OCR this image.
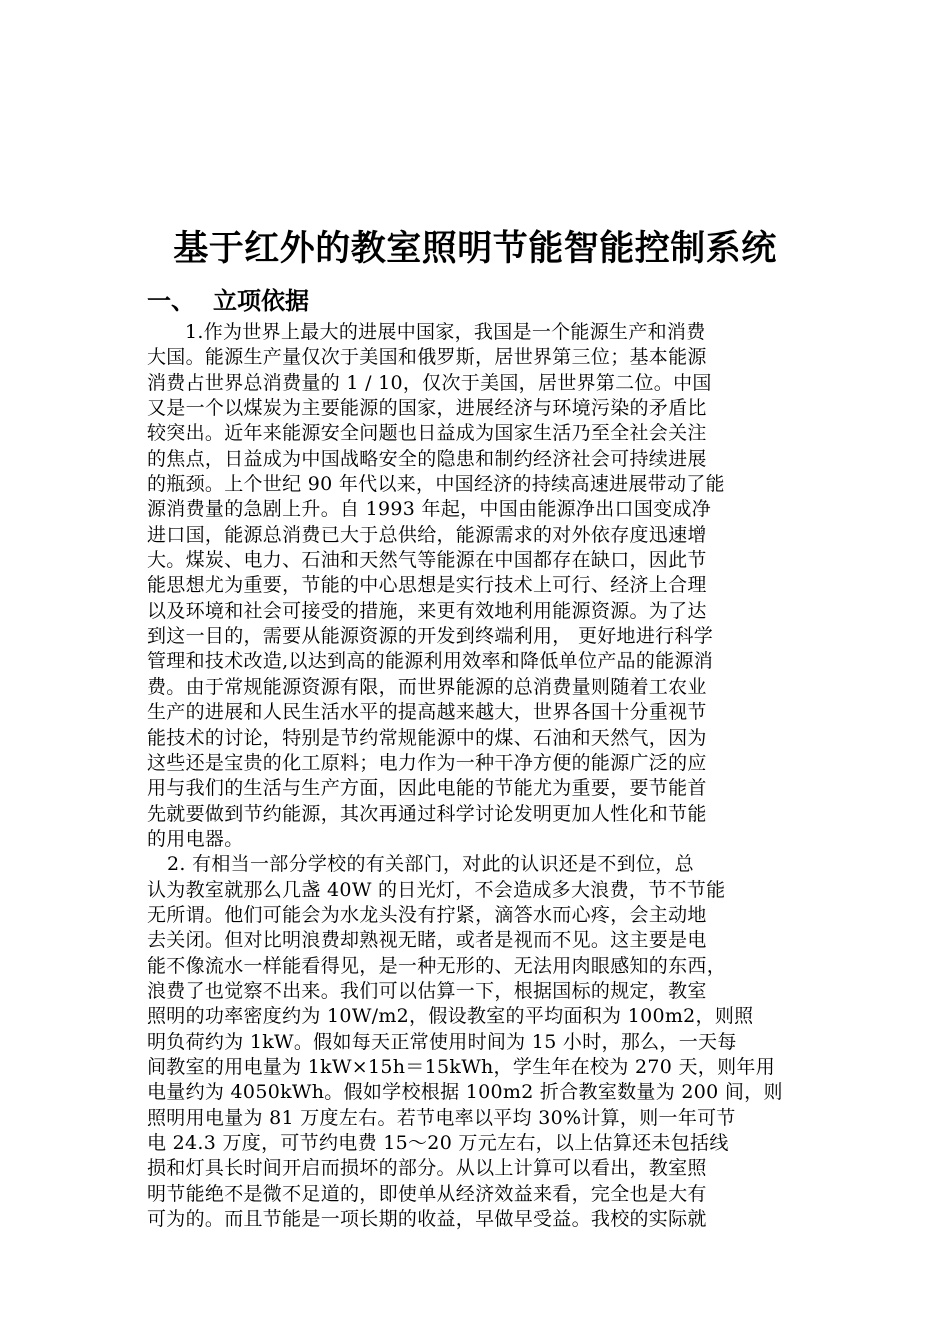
基于红外的教室照明节能智能控制系统
一、 立项依据
1.作为世界上最大的进展中国家，我国是一个能源生产和消费
大国。能源生产量仅次于美国和俄罗斯，居世界第三位；基本能源
消费占世界总消费量的 1 / 10，仅次于美国，居世界第二位。中国
又是一个以煤炭为主要能源的国家，进展经济与环境污染的矛盾比
较突出。近年来能源安全问题也日益成为国家生活乃至全社会关注
的焦点，日益成为中国战略安全的隐患和制约经济社会可持续进展
的瓶颈。上个世纪 90 年代以来，中国经济的持续高速进展带动了能
源消费量的急剧上升。自 1993 年起，中国由能源净出口国变成净
进口国，能源总消费已大于总供给，能源需求的对外依存度迅速增
大。煤炭、电力、石油和天然气等能源在中国都存在缺口，因此节
能思想尤为重要，节能的中心思想是实行技术上可行、经济上合理
以及环境和社会可接受的措施，来更有效地利用能源资源。为了达
到这一目的，需要从能源资源的开发到终端利用， 更好地进行科学
管理和技术改造,以达到高的能源利用效率和降低单位产品的能源消
费。由于常规能源资源有限，而世界能源的总消费量则随着工农业
生产的进展和人民生活水平的提高越来越大，世界各国十分重视节
能技术的讨论，特别是节约常规能源中的煤、石油和天然气，因为
这些还是宝贵的化工原料；电力作为一种干净方便的能源广泛的应
用与我们的生活与生产方面，因此电能的节能尤为重要，要节能首
先就要做到节约能源，其次再通过科学讨论发明更加人性化和节能
的用电器。
2. 有相当一部分学校的有关部门，对此的认识还是不到位，总
认为教室就那么几盏 40W 的日光灯，不会造成多大浪费，节不节能
无所谓。他们可能会为水龙头没有拧紧，滴答水而心疼，会主动地
去关闭。但对比明浪费却熟视无睹，或者是视而不见。这主要是电
能不像流水一样能看得见，是一种无形的、无法用肉眼感知的东西，
浪费了也觉察不出来。我们可以估算一下，根据国标的规定，教室
照明的功率密度约为 10W/m2，假设教室的平均面积为 100m2，则照
明负荷约为 1kW。假如每天正常使用时间为 15 小时，那么，一天每
间教室的用电量为 1kW×15h＝15kWh，学生年在校为 270 天，则年用
电量约为 4050kWh。假如学校根据 100m2 折合教室数量为 200 间，则
照明用电量为 81 万度左右。若节电率以平均 30%计算，则一年可节
电 24.3 万度，可节约电费 15～20 万元左右，以上估算还未包括线
损和灯具长时间开启而损坏的部分。从以上计算可以看出，教室照
明节能绝不是微不足道的，即使单从经济效益来看，完全也是大有
可为的。而且节能是一项长期的收益，早做早受益。我校的实际就
